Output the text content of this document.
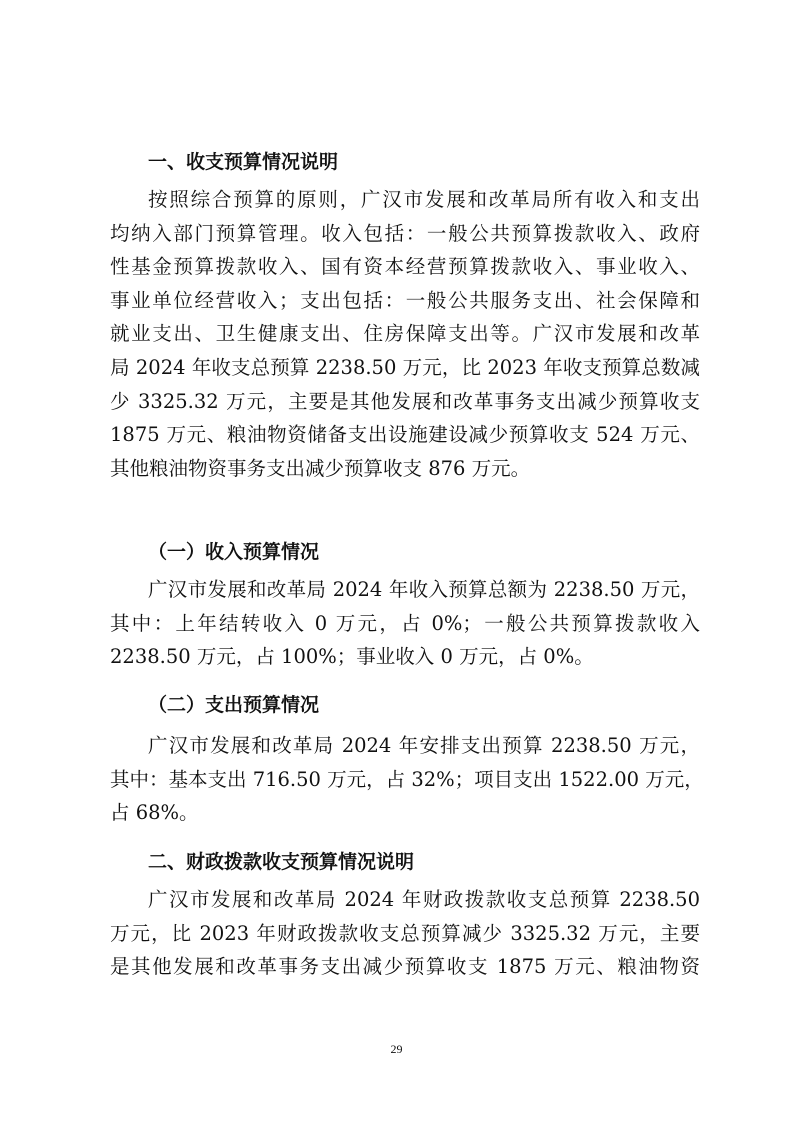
一、收支预算情况说明
按照综合预算的原则，广汉市发展和改革局所有收入和支出
均纳入部门预算管理。收入包括：一般公共预算拨款收入、政府
性基金预算拨款收入、国有资本经营预算拨款收入、事业收入、
事业单位经营收入；支出包括：一般公共服务支出、社会保障和
就业支出、卫生健康支出、住房保障支出等。广汉市发展和改革
局 2024 年收支总预算 2238.50 万元，比 2023 年收支预算总数减
少 3325.32 万元，主要是其他发展和改革事务支出减少预算收支
1875 万元、粮油物资储备支出设施建设减少预算收支 524 万元、
其他粮油物资事务支出减少预算收支 876 万元。
（一）收入预算情况
广汉市发展和改革局 2024 年收入预算总额为 2238.50 万元，
其中：上年结转收入 0 万元，占 0%；一般公共预算拨款收入
2238.50 万元，占 100%；事业收入 0 万元，占 0%。
（二）支出预算情况
广汉市发展和改革局 2024 年安排支出预算 2238.50 万元，
其中：基本支出 716.50 万元，占 32%；项目支出 1522.00 万元，
占 68%。
二、财政拨款收支预算情况说明
广汉市发展和改革局 2024 年财政拨款收支总预算 2238.50
万元，比 2023 年财政拨款收支总预算减少 3325.32 万元，主要
是其他发展和改革事务支出减少预算收支 1875 万元、粮油物资
29
